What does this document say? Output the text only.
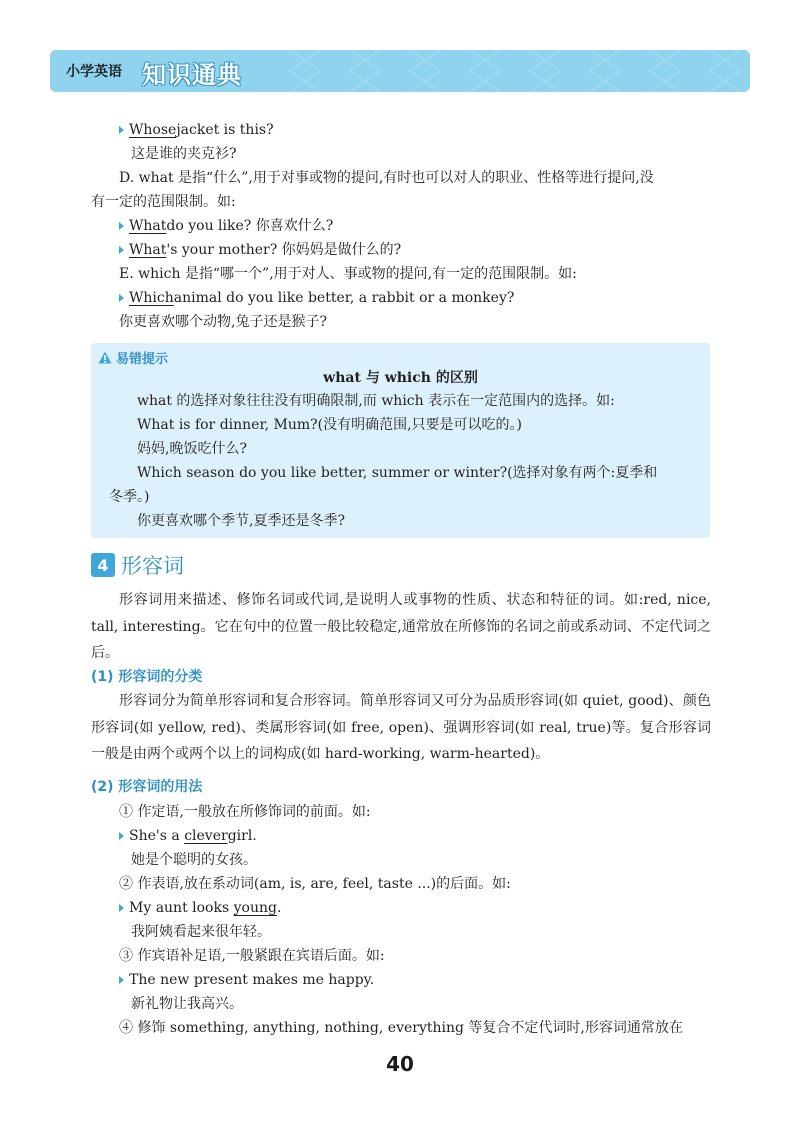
小学英语 知识通典
Whose jacket is this?
这是谁的夹克衫?
D. what 是指“什么”,用于对事或物的提问,有时也可以对人的职业、性格等进行提问,没
有一定的范围限制。如:
What do you like? 你喜欢什么?
What 's your mother? 你妈妈是做什么的?
E. which 是指“哪一个”,用于对人、事或物的提问,有一定的范围限制。如:
Which animal do you like better, a rabbit or a monkey?
你更喜欢哪个动物,兔子还是猴子?
易错提示
what 与 which 的区别
what 的选择对象往往没有明确限制,而 which 表示在一定范围内的选择。如:
What is for dinner, Mum?(没有明确范围,只要是可以吃的。)
妈妈,晚饭吃什么?
Which season do you like better, summer or winter?(选择对象有两个:夏季和
冬季。)
你更喜欢哪个季节,夏季还是冬季?
4 形容词
形容词用来描述、修饰名词或代词,是说明人或事物的性质、状态和特征的词。如:red, nice, tall, interesting。它在句中的位置一般比较稳定,通常放在所修饰的名词之前或系动词、不定代词之后。
(1) 形容词的分类
形容词分为简单形容词和复合形容词。简单形容词又可分为品质形容词(如 quiet, good)、颜色形容词(如 yellow, red)、类属形容词(如 free, open)、强调形容词(如 real, true)等。复合形容词一般是由两个或两个以上的词构成(如 hard-working, warm-hearted)。
(2) 形容词的用法
① 作定语,一般放在所修饰词的前面。如:
She's a clever girl.
她是个聪明的女孩。
② 作表语,放在系动词(am, is, are, feel, taste ...)的后面。如:
My aunt looks young .
我阿姨看起来很年轻。
③ 作宾语补足语,一般紧跟在宾语后面。如:
The new present makes me happy.
新礼物让我高兴。
④ 修饰 something, anything, nothing, everything 等复合不定代词时,形容词通常放在
40
